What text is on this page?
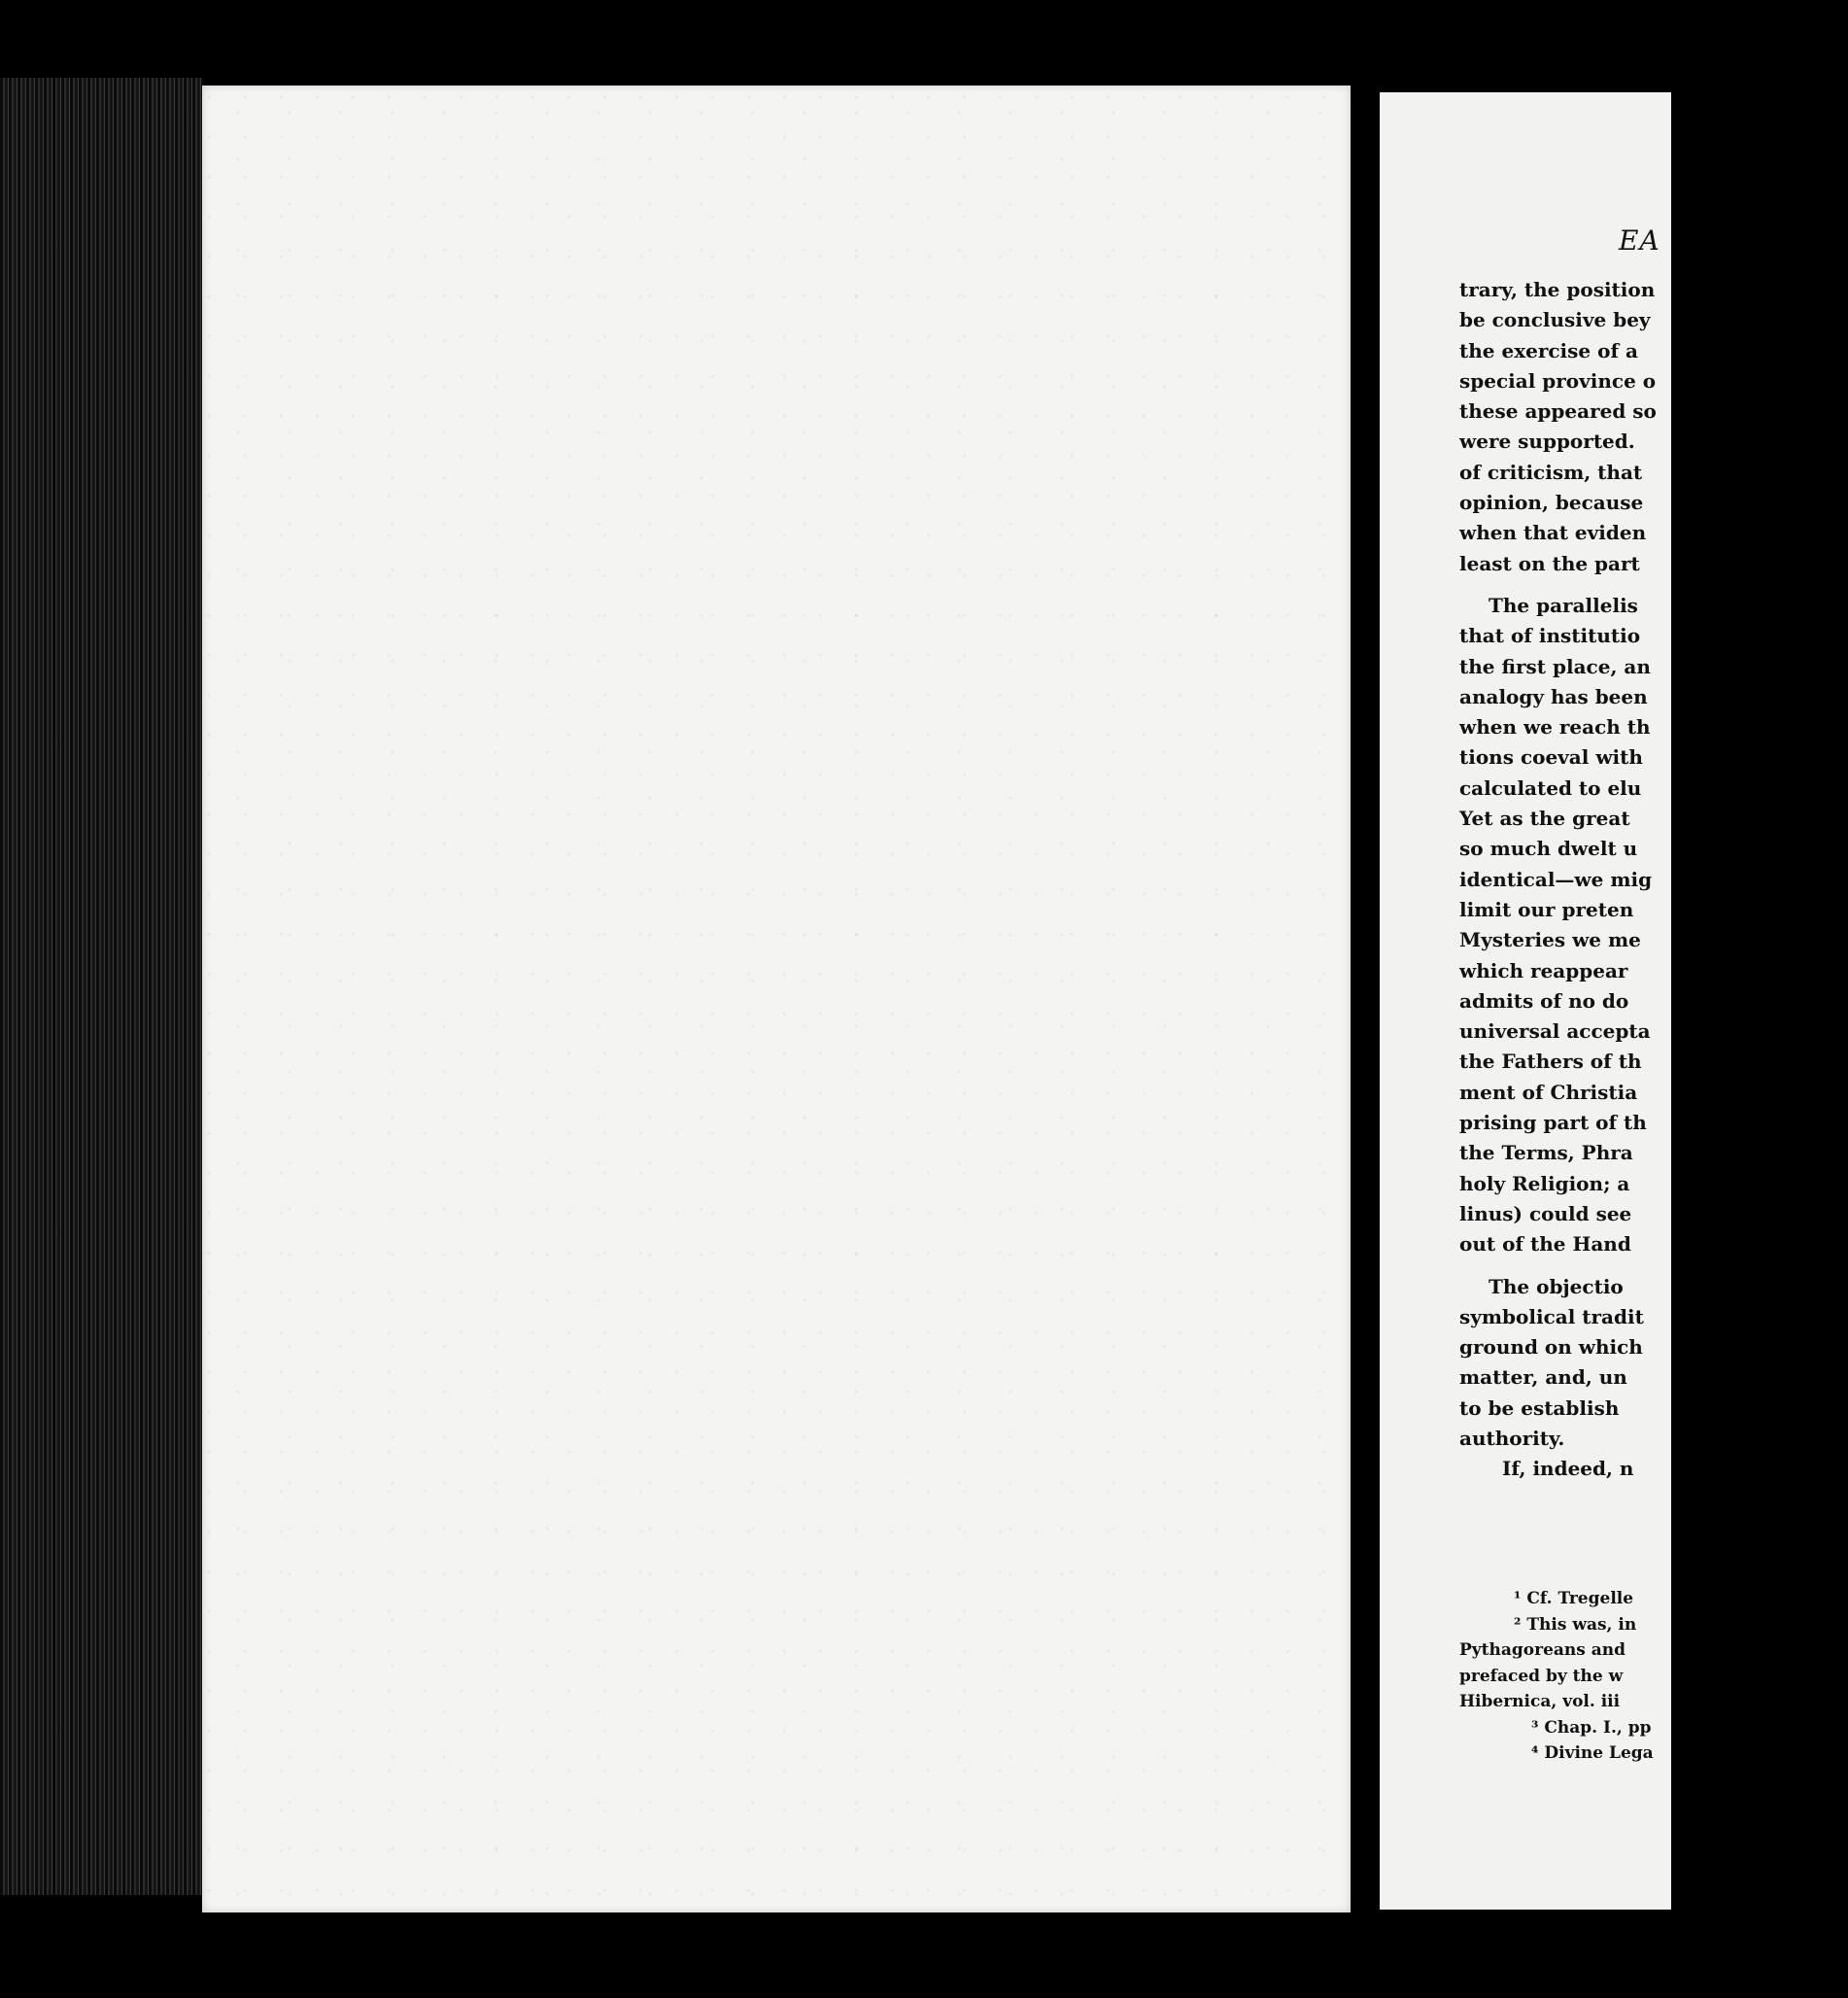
EA
trary, the position
be conclusive bey
the exercise of a
special province o
these appeared so
were supported.
of criticism, that
opinion, because
when that eviden
least on the part
The parallelis
that of institutio
the first place, an
analogy has been
when we reach th
tions coeval with
calculated to elu
Yet as the great
so much dwelt u
identical—we mig
limit our preten
Mysteries we me
which reappear
admits of no do
universal accepta
the Fathers of th
ment of Christia
prising part of th
the Terms, Phra
holy Religion; a
linus) could see
out of the Hand
The objectio
symbolical tradit
ground on which
matter, and, un
to be establish
authority.
If, indeed, n
¹ Cf. Tregelle
² This was, in
Pythagoreans and
prefaced by the w
Hibernica, vol. iii
³ Chap. I., pp
⁴ Divine Lega
